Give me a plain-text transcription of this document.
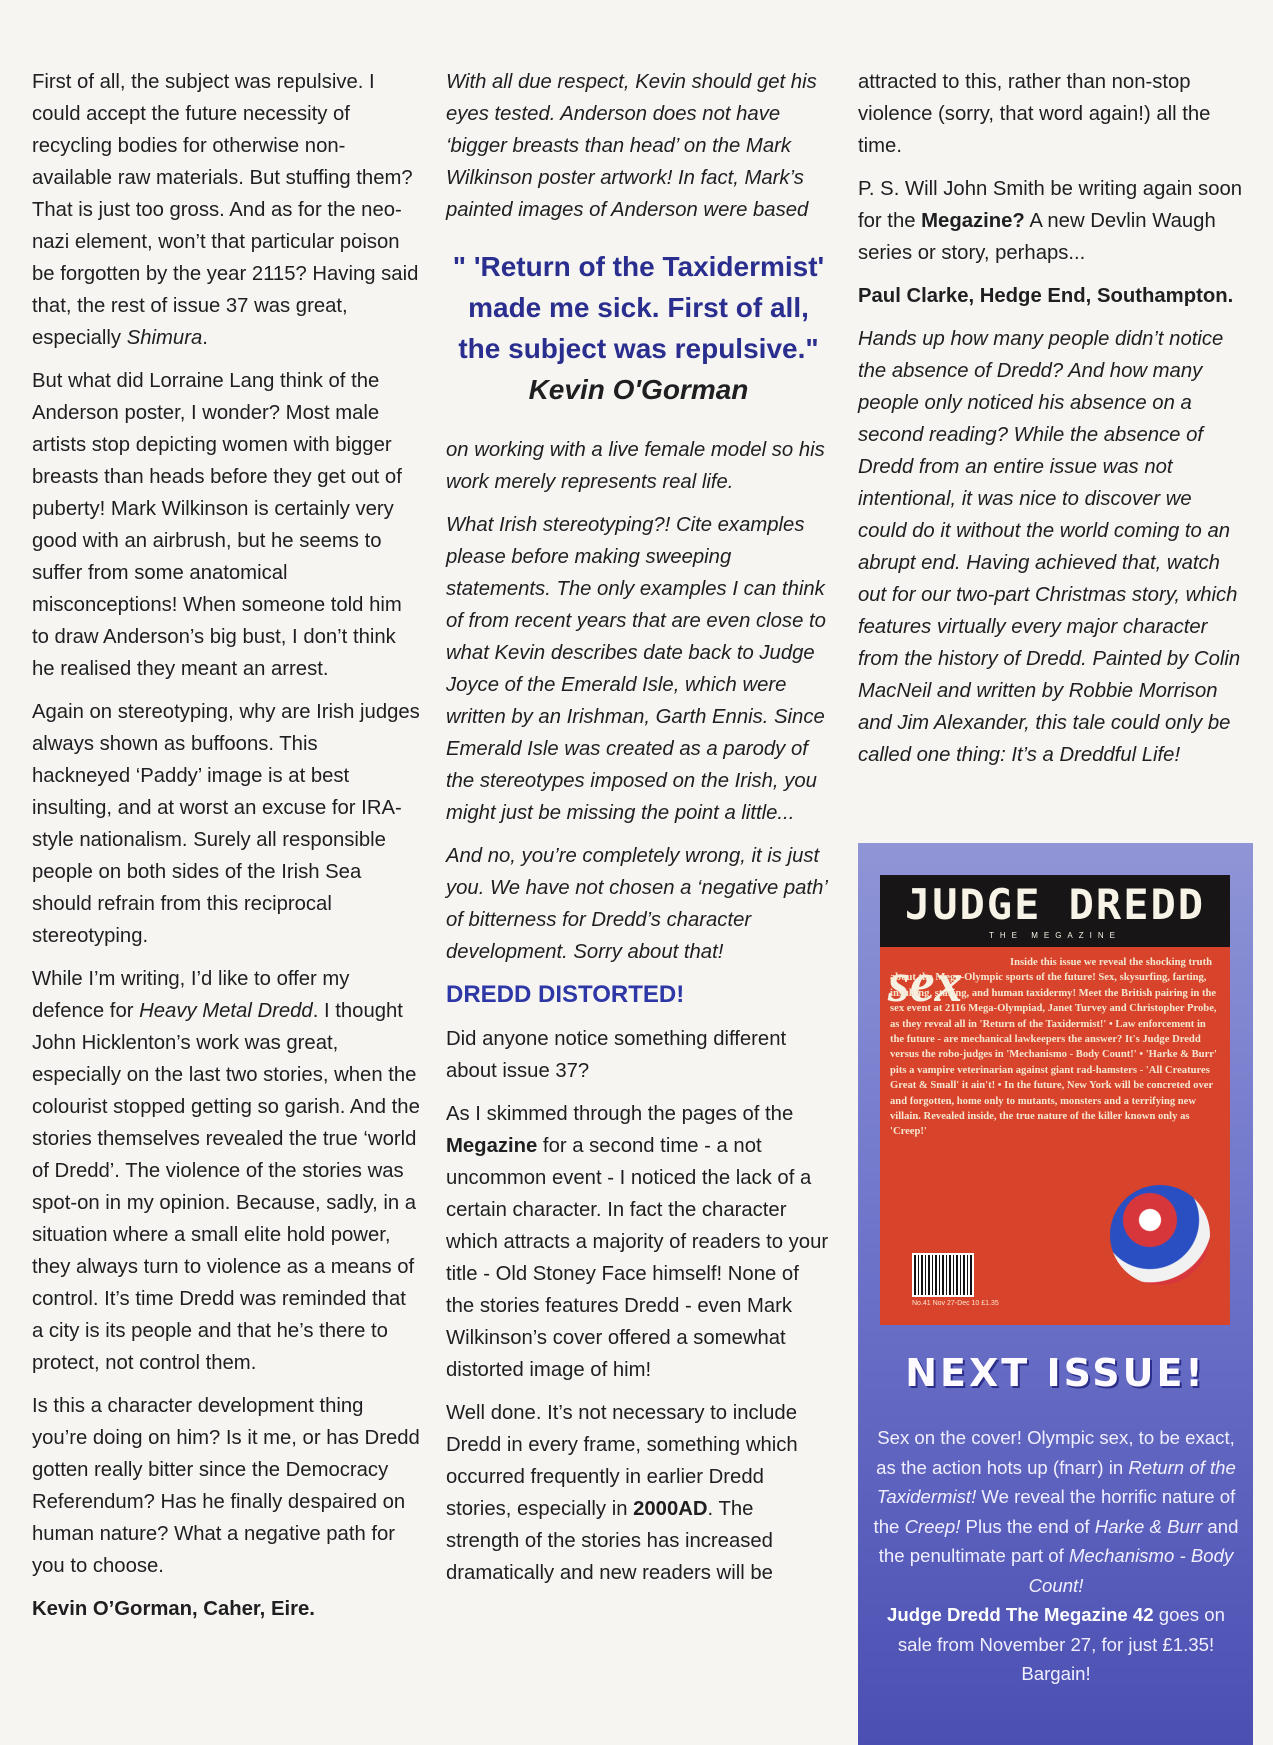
First of all, the subject was repulsive. I could accept the future necessity of recycling bodies for otherwise non-available raw materials. But stuffing them? That is just too gross. And as for the neo-nazi element, won’t that particular poison be forgotten by the year 2115? Having said that, the rest of issue 37 was great, especially Shimura.

But what did Lorraine Lang think of the Anderson poster, I wonder? Most male artists stop depicting women with bigger breasts than heads before they get out of puberty! Mark Wilkinson is certainly very good with an airbrush, but he seems to suffer from some anatomical misconceptions! When someone told him to draw Anderson’s big bust, I don’t think he realised they meant an arrest.

Again on stereotyping, why are Irish judges always shown as buffoons. This hackneyed ‘Paddy’ image is at best insulting, and at worst an excuse for IRA-style nationalism. Surely all responsible people on both sides of the Irish Sea should refrain from this reciprocal stereotyping.

While I’m writing, I’d like to offer my defence for Heavy Metal Dredd. I thought John Hicklenton’s work was great, especially on the last two stories, when the colourist stopped getting so garish. And the stories themselves revealed the true ‘world of Dredd’. The violence of the stories was spot-on in my opinion. Because, sadly, in a situation where a small elite hold power, they always turn to violence as a means of control. It’s time Dredd was reminded that a city is its people and that he’s there to protect, not control them.

Is this a character development thing you’re doing on him? Is it me, or has Dredd gotten really bitter since the Democracy Referendum? Has he finally despaired on human nature? What a negative path for you to choose.

Kevin O’Gorman, Caher, Eire.

With all due respect, Kevin should get his eyes tested. Anderson does not have ‘bigger breasts than head’ on the Mark Wilkinson poster artwork! In fact, Mark’s painted images of Anderson were based

" 'Return of the Taxidermist' made me sick. First of all, the subject was repulsive."
Kevin O'Gorman

on working with a live female model so his work merely represents real life.

What Irish stereotyping?! Cite examples please before making sweeping statements. The only examples I can think of from recent years that are even close to what Kevin describes date back to Judge Joyce of the Emerald Isle, which were written by an Irishman, Garth Ennis. Since Emerald Isle was created as a parody of the stereotypes imposed on the Irish, you might just be missing the point a little...

And no, you’re completely wrong, it is just you. We have not chosen a ‘negative path’ of bitterness for Dredd’s character development. Sorry about that!

DREDD DISTORTED!

Did anyone notice something different about issue 37?

As I skimmed through the pages of the Megazine for a second time - a not uncommon event - I noticed the lack of a certain character. In fact the character which attracts a majority of readers to your title - Old Stoney Face himself! None of the stories features Dredd - even Mark Wilkinson’s cover offered a somewhat distorted image of him!

Well done. It’s not necessary to include Dredd in every frame, something which occurred frequently in earlier Dredd stories, especially in 2000AD. The strength of the stories has increased dramatically and new readers will be

attracted to this, rather than non-stop violence (sorry, that word again!) all the time.

P. S. Will John Smith be writing again soon for the Megazine? A new Devlin Waugh series or story, perhaps...

Paul Clarke, Hedge End, Southampton.

Hands up how many people didn’t notice the absence of Dredd? And how many people only noticed his absence on a second reading? While the absence of Dredd from an entire issue was not intentional, it was nice to discover we could do it without the world coming to an abrupt end. Having achieved that, watch out for our two-part Christmas story, which features virtually every major character from the history of Dredd. Painted by Colin MacNeil and written by Robbie Morrison and Jim Alexander, this tale could only be called one thing: It’s a Dreddful Life!

JUDGE DREDD
THE MEGAZINE
sex	Inside this issue we reveal the shocking truth about the Mega-Olympic sports of the future! Sex, skysurfing, farting, insulting, staring, and human taxidermy! Meet the British pairing in the sex event at 2116 Mega-Olympiad, Janet Turvey and Christopher Probe, as they reveal all in 'Return of the Taxidermist!' • Law enforcement in the future - are mechanical lawkeepers the answer? It's Judge Dredd versus the robo-judges in 'Mechanismo - Body Count!' • 'Harke & Burr' pits a vampire veterinarian against giant rad-hamsters - 'All Creatures Great & Small' it ain't! • In the future, New York will be concreted over and forgotten, home only to mutants, monsters and a terrifying new villain. Revealed inside, the true nature of the killer known only as 'Creep!'
No.41 Nov 27-Dec 10 £1.35
NEXT ISSUE!
Sex on the cover! Olympic sex, to be exact, as the action hots up (fnarr) in Return of the Taxidermist! We reveal the horrific nature of the Creep! Plus the end of Harke & Burr and the penultimate part of Mechanismo - Body Count!
Judge Dredd The Megazine 42 goes on sale from November 27, for just £1.35! Bargain!
